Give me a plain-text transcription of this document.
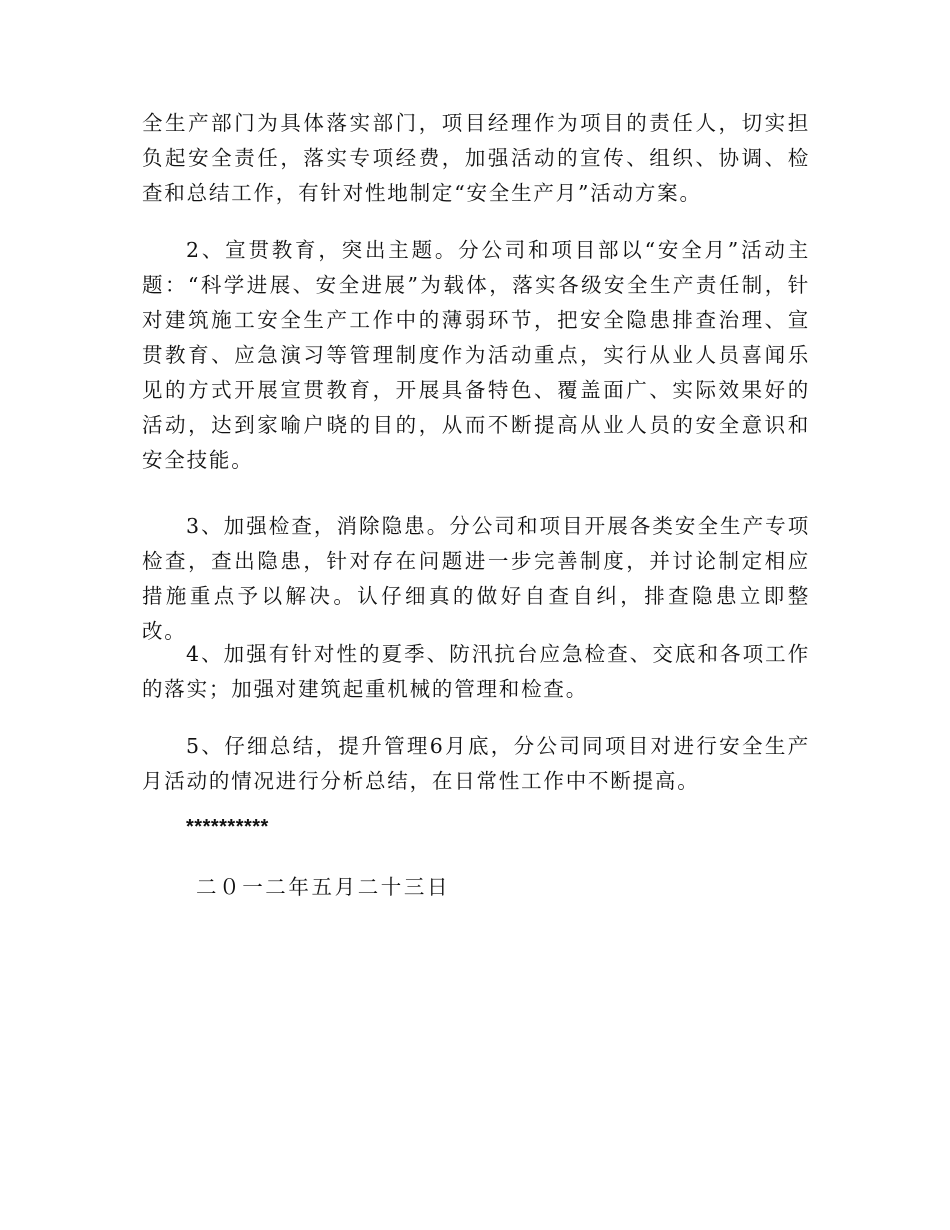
全生产部门为具体落实部门，项目经理作为项目的责任人，切实担负起安全责任，落实专项经费，加强活动的宣传、组织、协调、检查和总结工作，有针对性地制定“安全生产月”活动方案。

2、宣贯教育，突出主题。分公司和项目部以“安全月”活动主题：“科学进展、安全进展”为载体，落实各级安全生产责任制，针对建筑施工安全生产工作中的薄弱环节，把安全隐患排查治理、宣贯教育、应急演习等管理制度作为活动重点，实行从业人员喜闻乐见的方式开展宣贯教育，开展具备特色、覆盖面广、实际效果好的活动，达到家喻户晓的目的，从而不断提高从业人员的安全意识和安全技能。

3、加强检查，消除隐患。分公司和项目开展各类安全生产专项检查，查出隐患，针对存在问题进一步完善制度，并讨论制定相应措施重点予以解决。认仔细真的做好自查自纠，排查隐患立即整改。

4、加强有针对性的夏季、防汛抗台应急检查、交底和各项工作的落实；加强对建筑起重机械的管理和检查。

5、仔细总结，提升管理6月底，分公司同项目对进行安全生产月活动的情况进行分析总结，在日常性工作中不断提高。

**********

二０一二年五月二十三日
